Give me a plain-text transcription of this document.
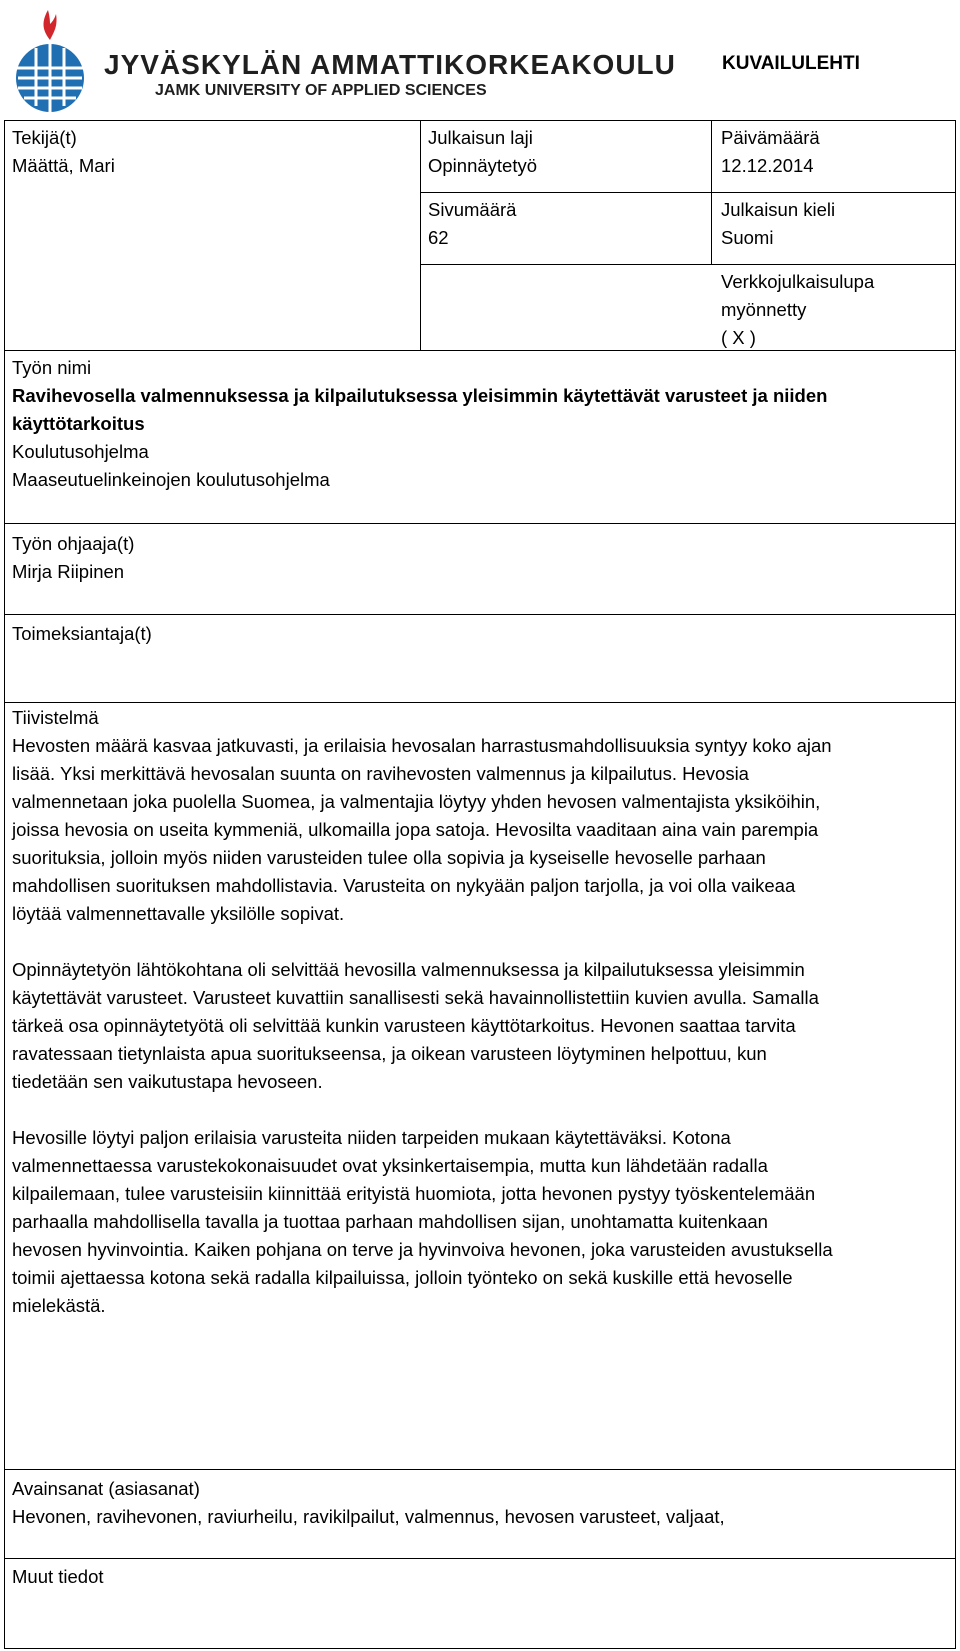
JYVÄSKYLÄN AMMATTIKORKEAKOULU
JAMK UNIVERSITY OF APPLIED SCIENCES
KUVAILULEHTI
Tekijä(t)
Määttä, Mari
Julkaisun laji
Opinnäytetyö
Päivämäärä
12.12.2014
Sivumäärä
62
Julkaisun kieli
Suomi
Verkkojulkaisulupa
myönnetty
( X )
Työn nimi
Ravihevosella valmennuksessa ja kilpailutuksessa yleisimmin käytettävät varusteet ja niiden
käyttötarkoitus
Koulutusohjelma
Maaseutuelinkeinojen koulutusohjelma
Työn ohjaaja(t)
Mirja Riipinen
Toimeksiantaja(t)
Tiivistelmä
Hevosten määrä kasvaa jatkuvasti, ja erilaisia hevosalan harrastusmahdollisuuksia syntyy koko ajan
lisää. Yksi merkittävä hevosalan suunta on ravihevosten valmennus ja kilpailutus. Hevosia
valmennetaan joka puolella Suomea, ja valmentajia löytyy yhden hevosen valmentajista yksiköihin,
joissa hevosia on useita kymmeniä, ulkomailla jopa satoja. Hevosilta vaaditaan aina vain parempia
suorituksia, jolloin myös niiden varusteiden tulee olla sopivia ja kyseiselle hevoselle parhaan
mahdollisen suorituksen mahdollistavia. Varusteita on nykyään paljon tarjolla, ja voi olla vaikeaa
löytää valmennettavalle yksilölle sopivat.
Opinnäytetyön lähtökohtana oli selvittää hevosilla valmennuksessa ja kilpailutuksessa yleisimmin
käytettävät varusteet. Varusteet kuvattiin sanallisesti sekä havainnollistettiin kuvien avulla. Samalla
tärkeä osa opinnäytetyötä oli selvittää kunkin varusteen käyttötarkoitus. Hevonen saattaa tarvita
ravatessaan tietynlaista apua suoritukseensa, ja oikean varusteen löytyminen helpottuu, kun
tiedetään sen vaikutustapa hevoseen.
Hevosille löytyi paljon erilaisia varusteita niiden tarpeiden mukaan käytettäväksi. Kotona
valmennettaessa varustekokonaisuudet ovat yksinkertaisempia, mutta kun lähdetään radalla
kilpailemaan, tulee varusteisiin kiinnittää erityistä huomiota, jotta hevonen pystyy työskentelemään
parhaalla mahdollisella tavalla ja tuottaa parhaan mahdollisen sijan, unohtamatta kuitenkaan
hevosen hyvinvointia. Kaiken pohjana on terve ja hyvinvoiva hevonen, joka varusteiden avustuksella
toimii ajettaessa kotona sekä radalla kilpailuissa, jolloin työnteko on sekä kuskille että hevoselle
mielekästä.
Avainsanat (asiasanat)
Hevonen, ravihevonen, raviurheilu, ravikilpailut, valmennus, hevosen varusteet, valjaat,
Muut tiedot
